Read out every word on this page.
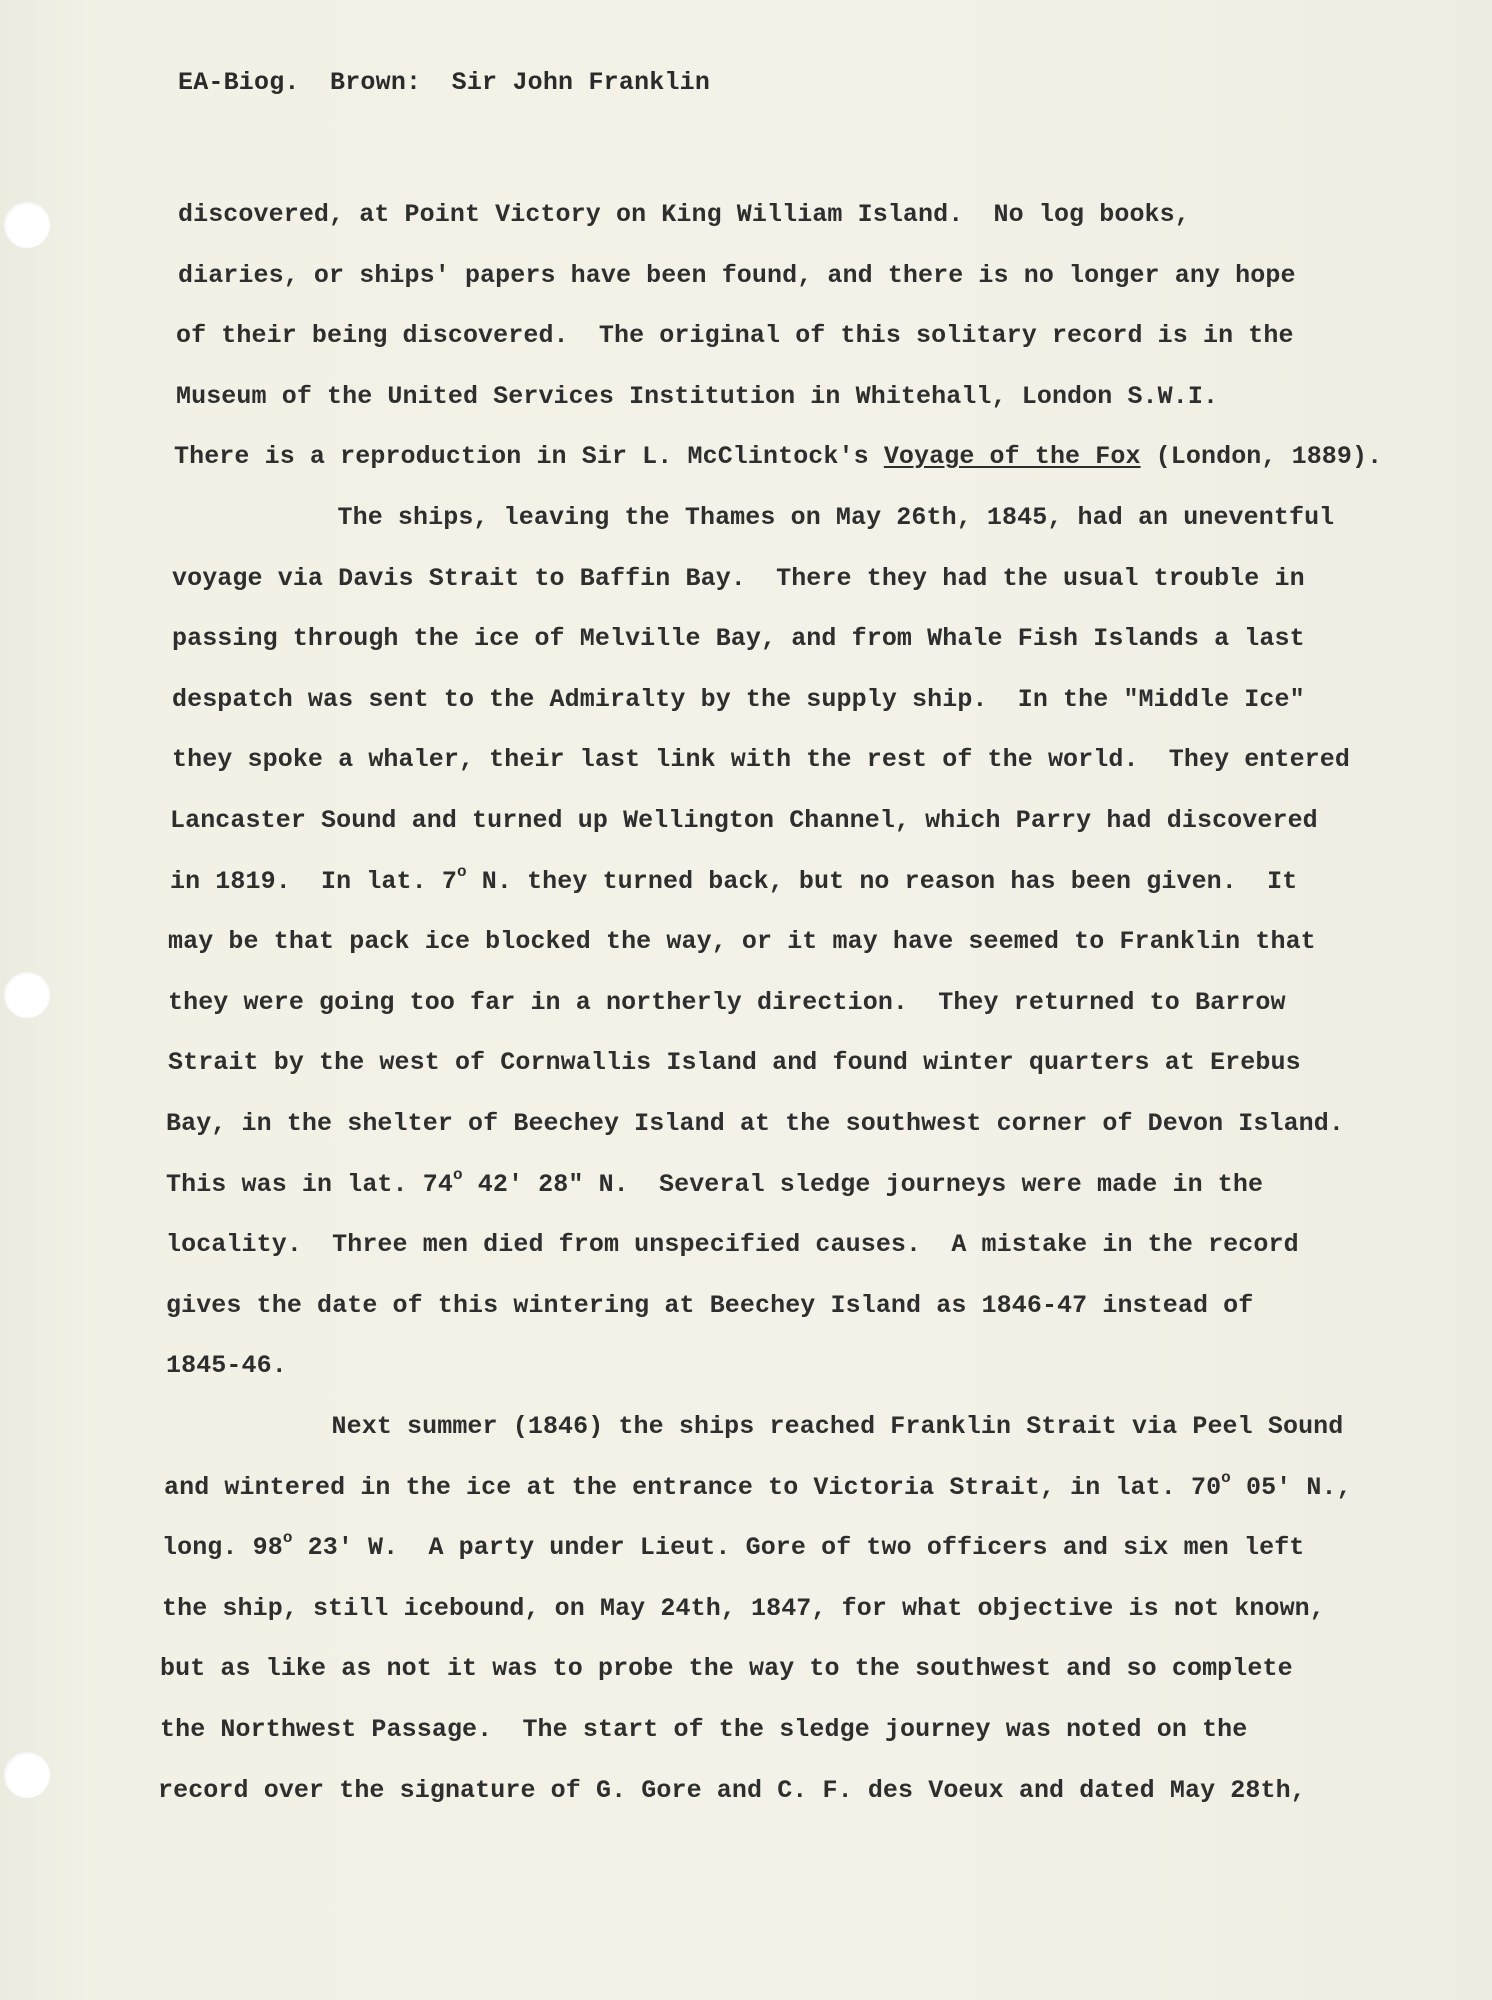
EA-Biog.  Brown:  Sir John Franklin
discovered, at Point Victory on King William Island.  No log books,
diaries, or ships' papers have been found, and there is no longer any hope
of their being discovered.  The original of this solitary record is in the
Museum of the United Services Institution in Whitehall, London S.W.I.
There is a reproduction in Sir L. McClintock's Voyage of the Fox (London, 1889).
The ships, leaving the Thames on May 26th, 1845, had an uneventful
voyage via Davis Strait to Baffin Bay.  There they had the usual trouble in
passing through the ice of Melville Bay, and from Whale Fish Islands a last
despatch was sent to the Admiralty by the supply ship.  In the "Middle Ice"
they spoke a whaler, their last link with the rest of the world.  They entered
Lancaster Sound and turned up Wellington Channel, which Parry had discovered
in 1819.  In lat. 7$^o$ N. they turned back, but no reason has been given.  It
may be that pack ice blocked the way, or it may have seemed to Franklin that
they were going too far in a northerly direction.  They returned to Barrow
Strait by the west of Cornwallis Island and found winter quarters at Erebus
Bay, in the shelter of Beechey Island at the southwest corner of Devon Island.
This was in lat. 74$^o$ 42' 28" N.  Several sledge journeys were made in the
locality.  Three men died from unspecified causes.  A mistake in the record
gives the date of this wintering at Beechey Island as 1846-47 instead of
1845-46.
Next summer (1846) the ships reached Franklin Strait via Peel Sound
and wintered in the ice at the entrance to Victoria Strait, in lat. 70$^o$ 05' N.,
long. 98$^o$ 23' W.  A party under Lieut. Gore of two officers and six men left
the ship, still icebound, on May 24th, 1847, for what objective is not known,
but as like as not it was to probe the way to the southwest and so complete
the Northwest Passage.  The start of the sledge journey was noted on the
record over the signature of G. Gore and C. F. des Voeux and dated May 28th,
